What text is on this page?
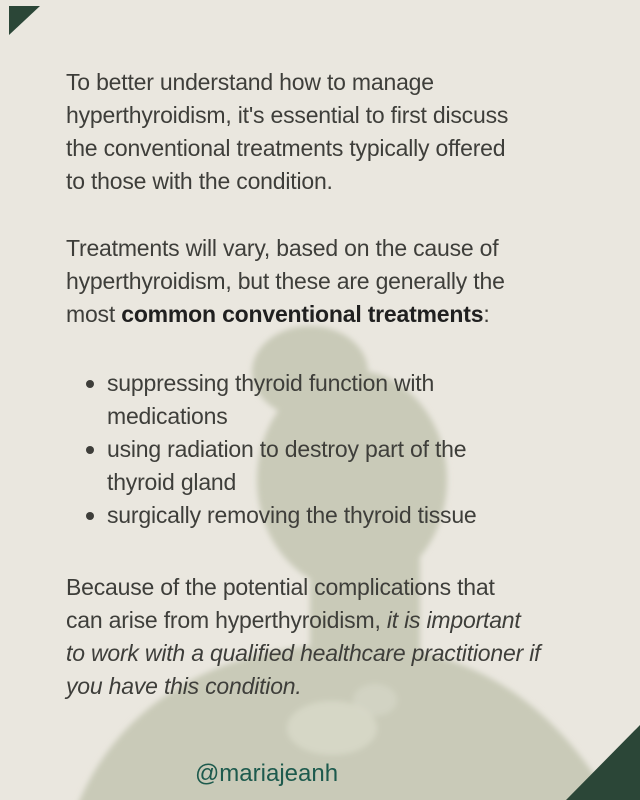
To better understand how to manage
hyperthyroidism, it's essential to first discuss
the conventional treatments typically offered
to those with the condition.

Treatments will vary, based on the cause of
hyperthyroidism, but these are generally the
most common conventional treatments:

suppressing thyroid function with
medications
using radiation to destroy part of the
thyroid gland
surgically removing the thyroid tissue

Because of the potential complications that
can arise from hyperthyroidism, it is important
to work with a qualified healthcare practitioner if
you have this condition.

@mariajeanh
